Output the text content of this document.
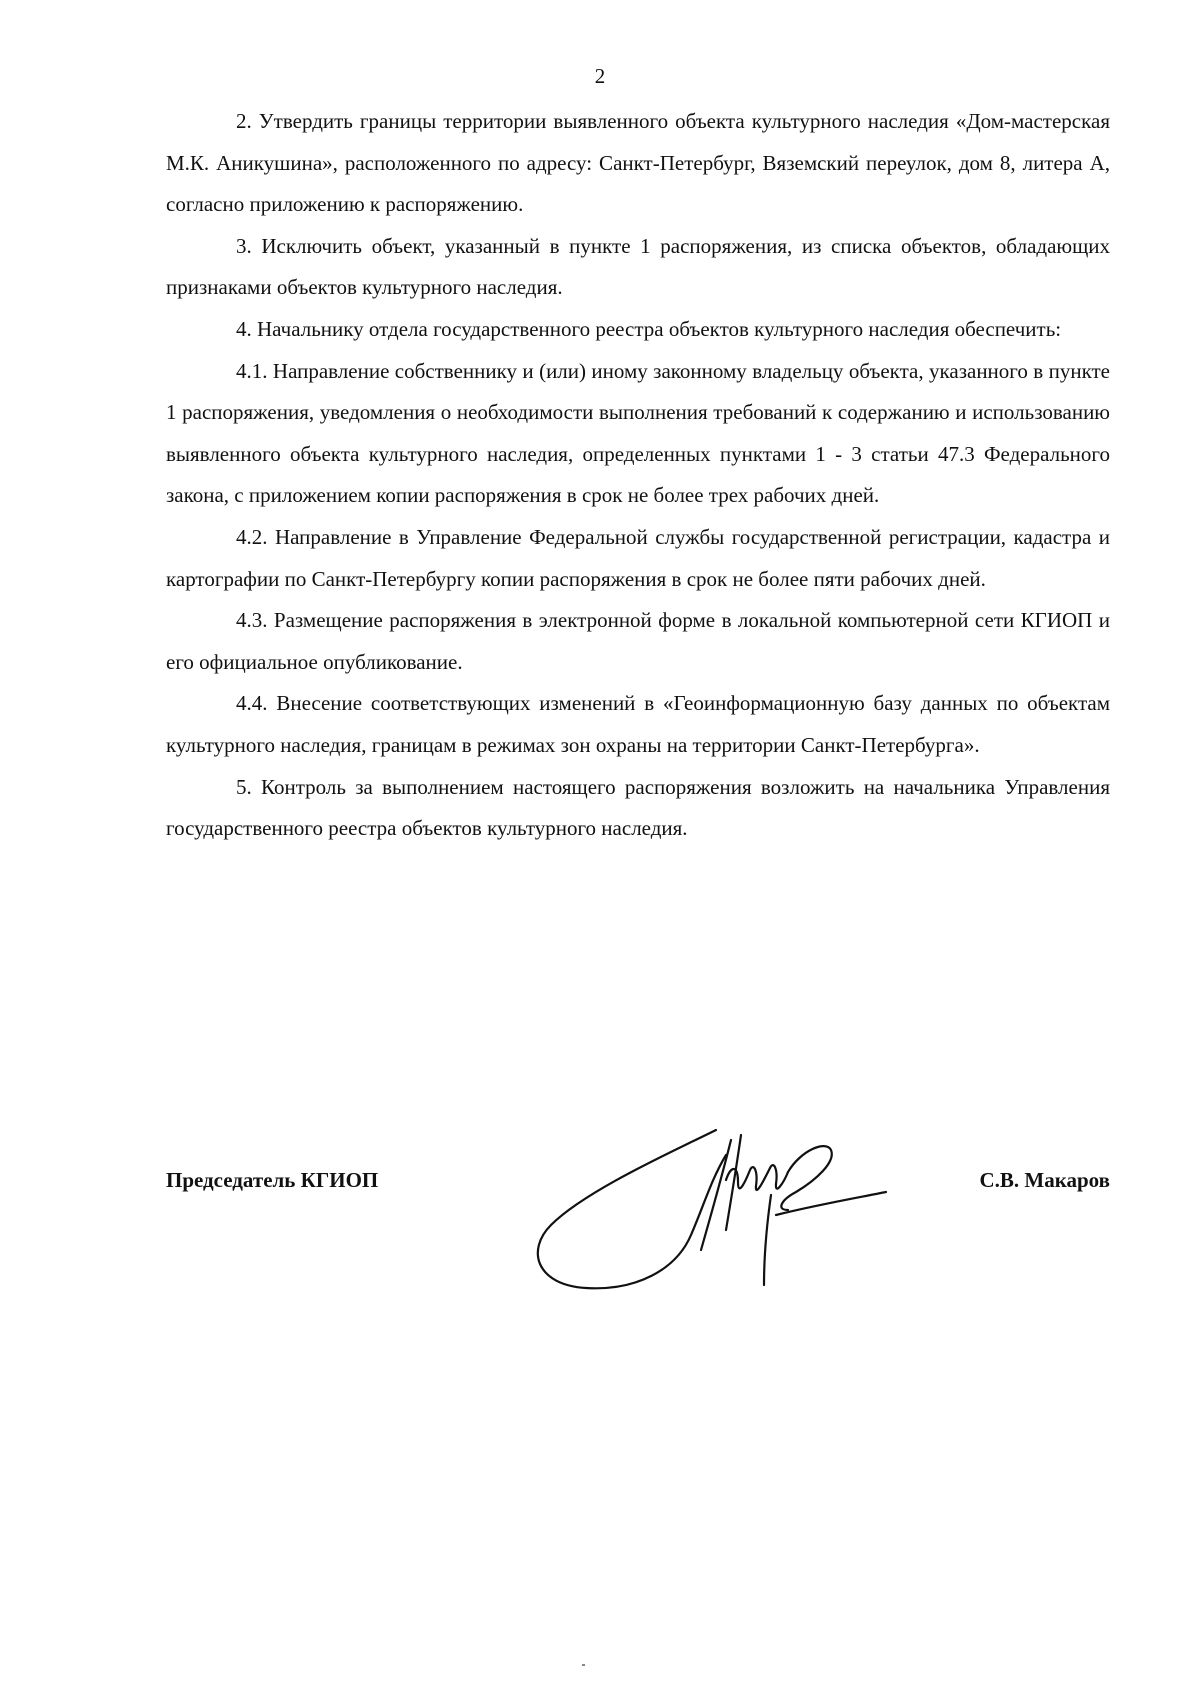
2

2. Утвердить границы территории выявленного объекта культурного наследия «Дом-мастерская М.К. Аникушина», расположенного по адресу: Санкт-Петербург, Вяземский переулок, дом 8, литера А, согласно приложению к распоряжению.

3. Исключить объект, указанный в пункте 1 распоряжения, из списка объектов, обладающих признаками объектов культурного наследия.

4. Начальнику отдела государственного реестра объектов культурного наследия обеспечить:

4.1. Направление собственнику и (или) иному законному владельцу объекта, указанного в пункте 1 распоряжения, уведомления о необходимости выполнения требований к содержанию и использованию выявленного объекта культурного наследия, определенных пунктами 1 - 3 статьи 47.3 Федерального закона, с приложением копии распоряжения в срок не более трех рабочих дней.

4.2. Направление в Управление Федеральной службы государственной регистрации, кадастра и картографии по Санкт-Петербургу копии распоряжения в срок не более пяти рабочих дней.

4.3. Размещение распоряжения в электронной форме в локальной компьютерной сети КГИОП и его официальное опубликование.

4.4. Внесение соответствующих изменений в «Геоинформационную базу данных по объектам культурного наследия, границам в режимах зон охраны на территории Санкт-Петербурга».

5. Контроль за выполнением настоящего распоряжения возложить на начальника Управления государственного реестра объектов культурного наследия.

Председатель КГИОП	С.В. Макаров
